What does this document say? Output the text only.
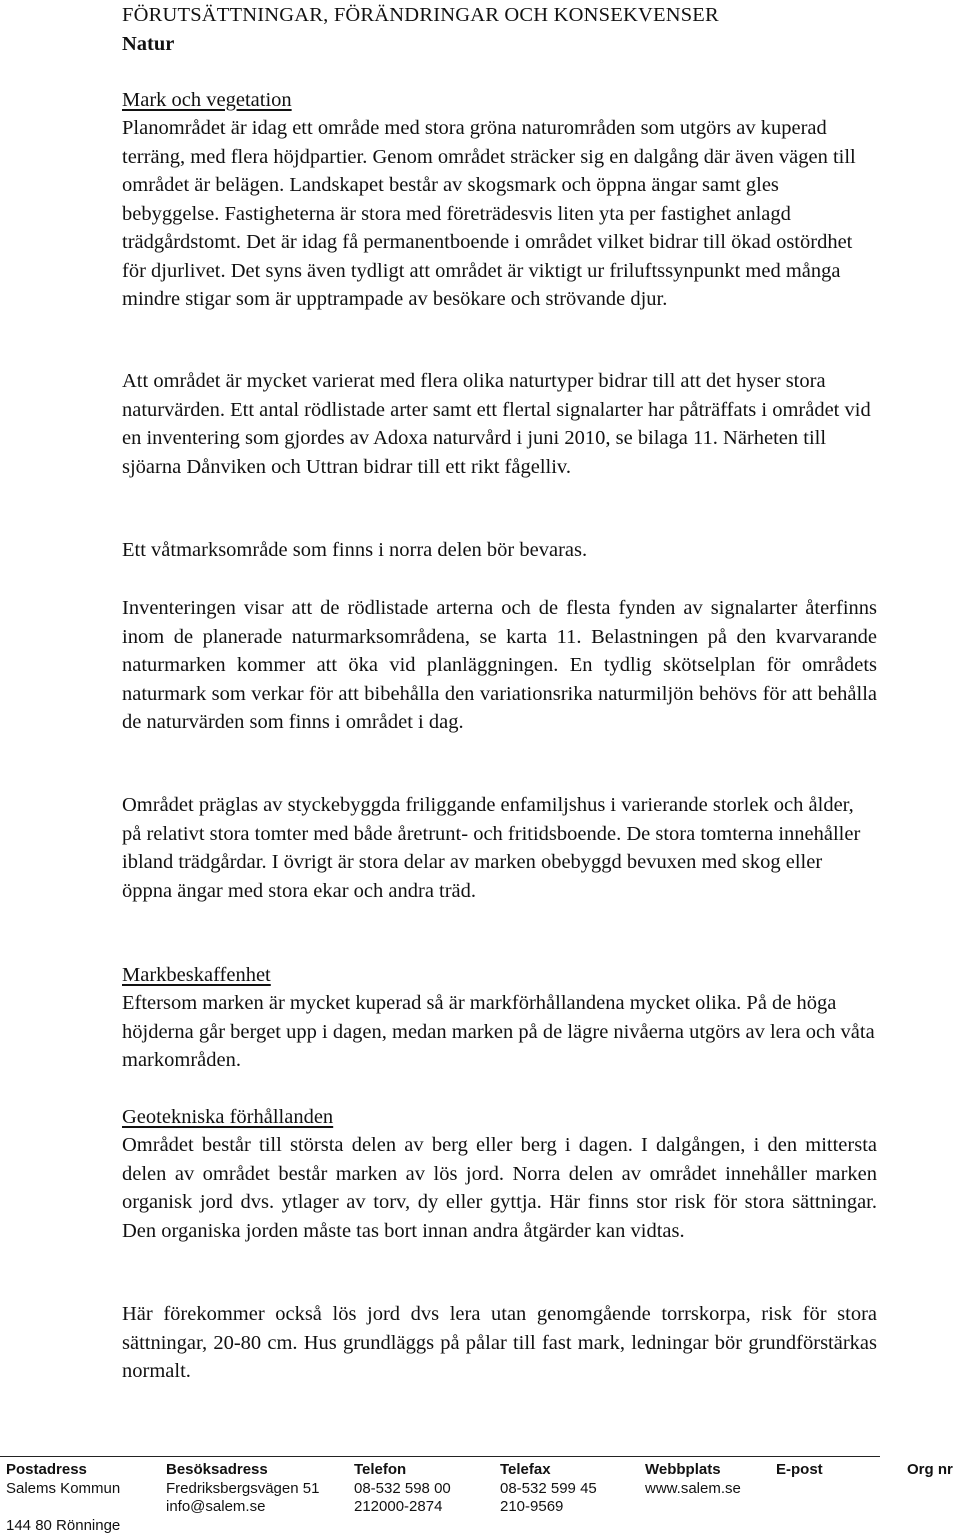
FÖRUTSÄTTNINGAR, FÖRÄNDRINGAR OCH KONSEKVENSER
Natur
Mark och vegetation

Planområdet är idag ett område med stora gröna naturområden som utgörs av kuperad terräng, med flera höjdpartier. Genom området sträcker sig en dalgång där även vägen till området är belägen. Landskapet består av skogsmark och öppna ängar samt gles bebyggelse. Fastigheterna är stora med företrädesvis liten yta per fastighet anlagd trädgårdstomt. Det är idag få permanentboende i området vilket bidrar till ökad ostördhet för djurlivet. Det syns även tydligt att området är viktigt ur friluftssynpunkt med många mindre stigar som är upptrampade av besökare och strövande djur.

Att området är mycket varierat med flera olika naturtyper bidrar till att det hyser stora naturvärden. Ett antal rödlistade arter samt ett flertal signalarter har påträffats i området vid en inventering som gjordes av Adoxa naturvård i juni 2010, se bilaga 11. Närheten till sjöarna Dånviken och Uttran bidrar till ett rikt fågelliv.

Ett våtmarksområde som finns i norra delen bör bevaras.

Inventeringen visar att de rödlistade arterna och de flesta fynden av signalarter återfinns inom de planerade naturmarksområdena, se karta 11. Belastningen på den kvarvarande naturmarken kommer att öka vid planläggningen. En tydlig skötselplan för områdets naturmark som verkar för att bibehålla den variationsrika naturmiljön behövs för att behålla de naturvärden som finns i området i dag.

Området präglas av styckebyggda friliggande enfamiljshus i varierande storlek och ålder, på relativt stora tomter med både åretrunt- och fritidsboende. De stora tomterna innehåller ibland trädgårdar. I övrigt är stora delar av marken obebyggd bevuxen med skog eller öppna ängar med stora ekar och andra träd.

Markbeskaffenhet

Eftersom marken är mycket kuperad så är markförhållandena mycket olika. På de höga höjderna går berget upp i dagen, medan marken på de lägre nivåerna utgörs av lera och våta markområden.

Geotekniska förhållanden

Området består till största delen av berg eller berg i dagen. I dalgången, i den mittersta delen av området består marken av lös jord. Norra delen av området innehåller marken organisk jord dvs. ytlager av torv, dy eller gyttja. Här finns stor risk för stora sättningar. Den organiska jorden måste tas bort innan andra åtgärder kan vidtas.

Här förekommer också lös jord dvs lera utan genomgående torrskorpa, risk för stora sättningar, 20-80 cm. Hus grundläggs på pålar till fast mark, ledningar bör grundförstärkas normalt.

Postadress
Salems Kommun

144 80 Rönninge
Besöksadress
Fredriksbergsvägen 51
info@salem.se
Telefon
08-532 598 00
212000-2874
Telefax
08-532 599 45
210-9569
Webbplats
www.salem.se
E-post	Org nr
